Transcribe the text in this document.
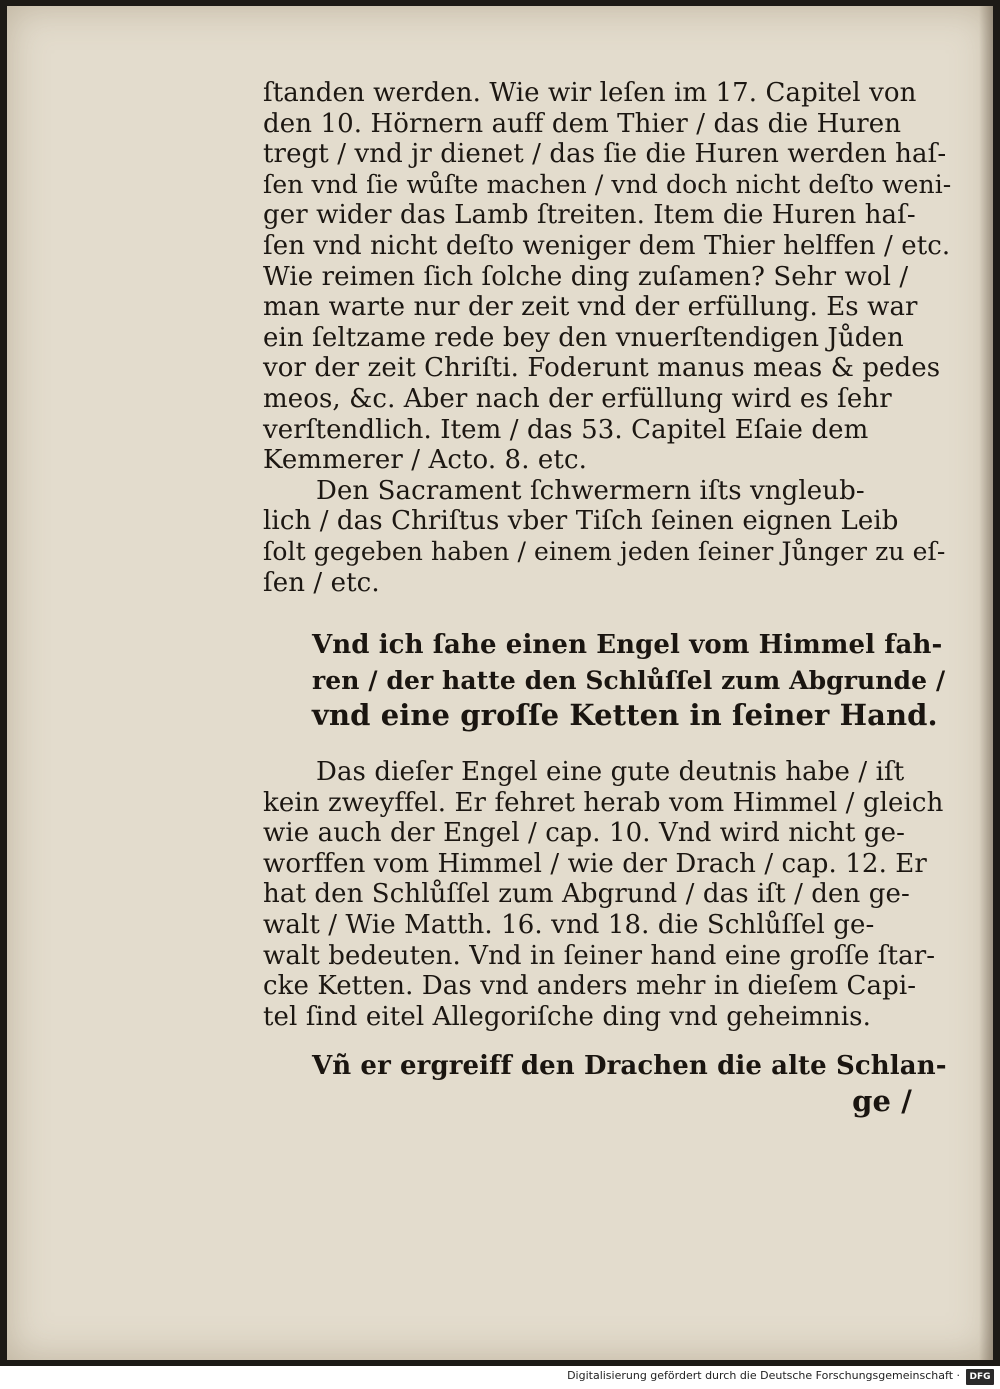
ſtanden werden. Wie wir leſen im 17. Capitel von
den 10. Hörnern auff dem Thier / das die Huren
tregt / vnd jr dienet / das ſie die Huren werden haſ-
ſen vnd ſie wůſte machen / vnd doch nicht deſto weni-
ger wider das Lamb ſtreiten. Item die Huren haſ-
ſen vnd nicht deſto weniger dem Thier helffen / etc.
Wie reimen ſich ſolche ding zuſamen? Sehr wol /
man warte nur der zeit vnd der erfüllung. Es war
ein ſeltzame rede bey den vnuerſtendigen Jůden
vor der zeit Chriſti. Foderunt manus meas & pedes
meos, &c. Aber nach der erfüllung wird es ſehr
verſtendlich. Item / das 53. Capitel Eſaie dem
Kemmerer / Acto. 8. etc.
Den Sacrament ſchwermern iſts vngleub-
lich / das Chriſtus vber Tiſch ſeinen eignen Leib
ſolt gegeben haben / einem jeden ſeiner Jůnger zu eſ-
ſen / etc.
Vnd ich ſahe einen Engel vom Himmel fah-
ren / der hatte den Schlůſſel zum Abgrunde /
vnd eine groſſe Ketten in ſeiner Hand.
Das dieſer Engel eine gute deutnis habe / iſt
kein zweyffel. Er fehret herab vom Himmel / gleich
wie auch der Engel / cap. 10. Vnd wird nicht ge-
worffen vom Himmel / wie der Drach / cap. 12. Er
hat den Schlůſſel zum Abgrund / das iſt / den ge-
walt / Wie Matth. 16. vnd 18. die Schlůſſel ge-
walt bedeuten. Vnd in ſeiner hand eine groſſe ſtar-
cke Ketten. Das vnd anders mehr in dieſem Capi-
tel ſind eitel Allegoriſche ding vnd geheimnis.
Vñ er ergreiff den Drachen die alte Schlan-
ge /
Digitalisierung gefördert durch die Deutsche Forschungsgemeinschaft ·	DFG
